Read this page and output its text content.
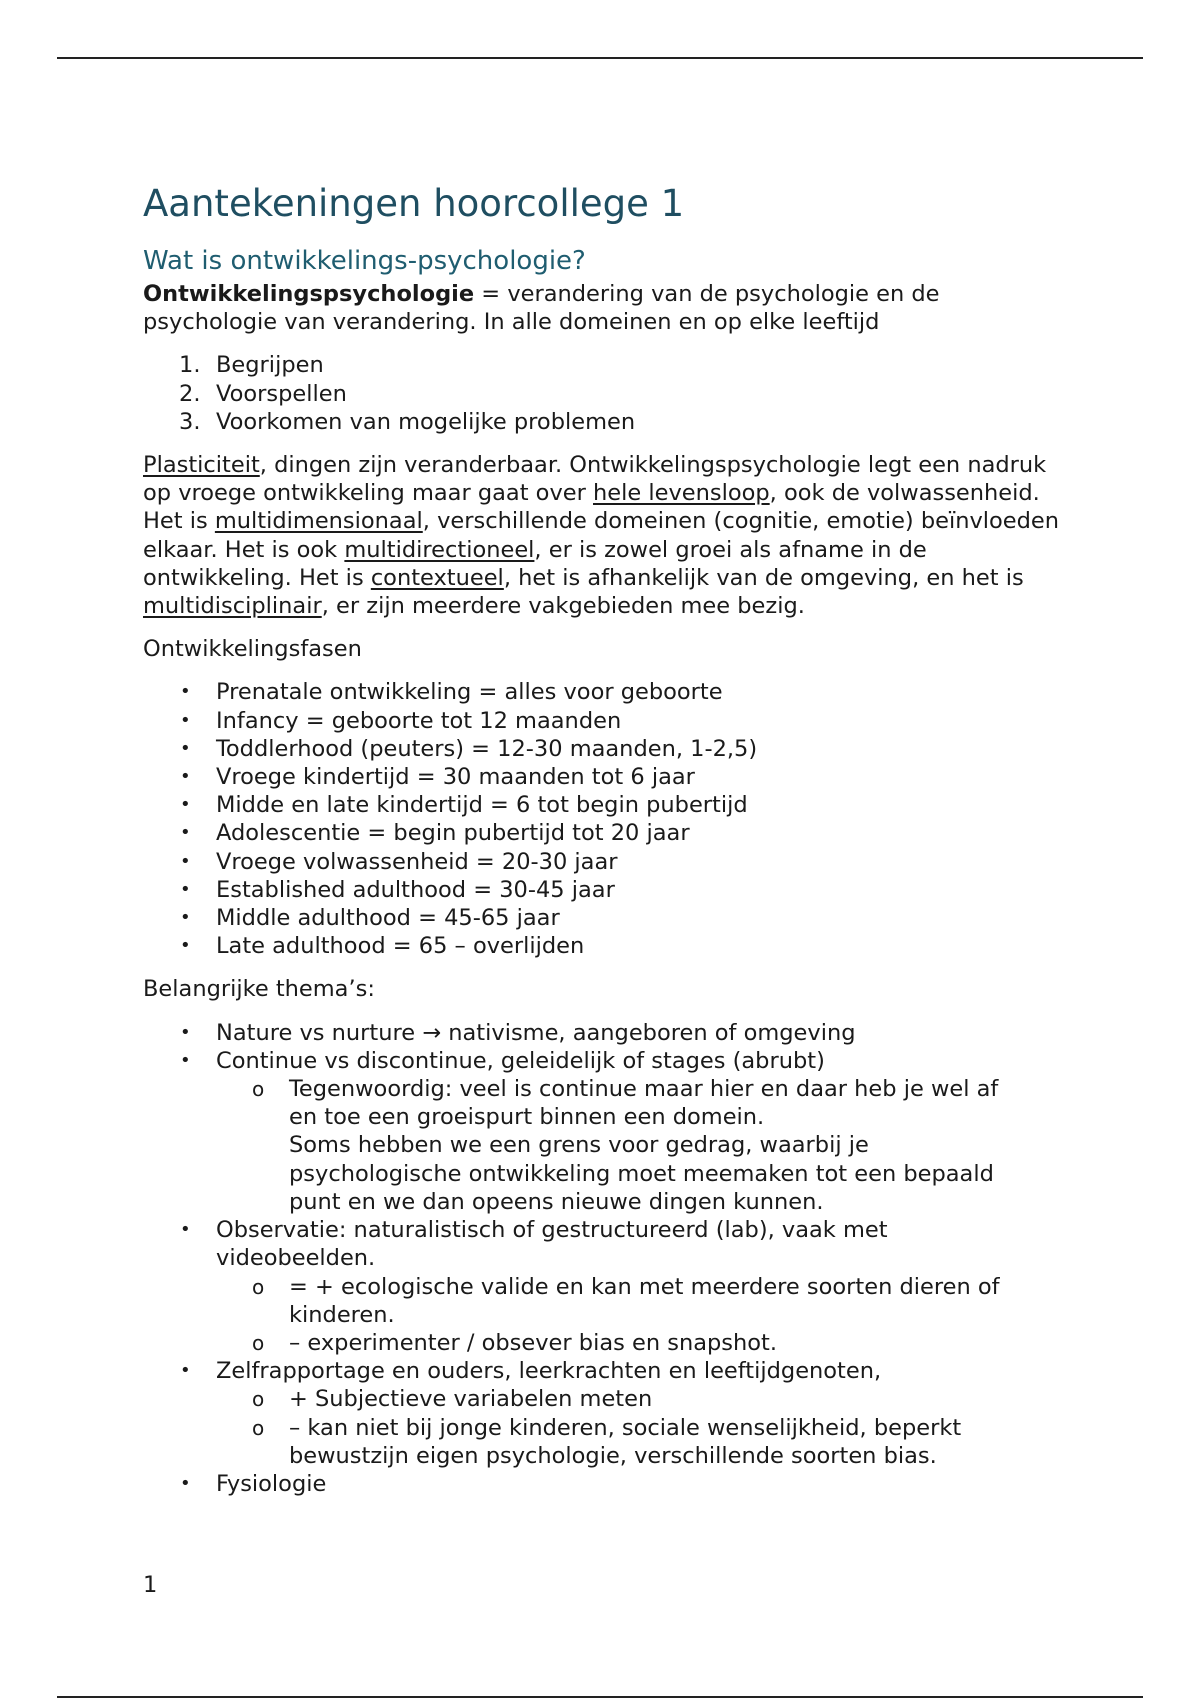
Aantekeningen hoorcollege 1
Wat is ontwikkelings-psychologie?

Ontwikkelingspsychologie = verandering van de psychologie en de
psychologie van verandering. In alle domeinen en op elke leeftijd

1. Begrijpen
2. Voorspellen
3. Voorkomen van mogelijke problemen

Plasticiteit, dingen zijn veranderbaar. Ontwikkelingspsychologie legt een nadruk op vroege ontwikkeling maar gaat over hele levensloop, ook de volwassenheid. Het is multidimensionaal, verschillende domeinen (cognitie, emotie) beïnvloeden elkaar. Het is ook multidirectioneel, er is zowel groei als afname in de ontwikkeling. Het is contextueel, het is afhankelijk van de omgeving, en het is multidisciplinair, er zijn meerdere vakgebieden mee bezig.

Ontwikkelingsfasen

• Prenatale ontwikkeling = alles voor geboorte
• Infancy = geboorte tot 12 maanden
• Toddlerhood (peuters) = 12-30 maanden, 1-2,5)
• Vroege kindertijd = 30 maanden tot 6 jaar
• Midde en late kindertijd = 6 tot begin pubertijd
• Adolescentie = begin pubertijd tot 20 jaar
• Vroege volwassenheid = 20-30 jaar
• Established adulthood = 30-45 jaar
• Middle adulthood = 45-65 jaar
• Late adulthood = 65 – overlijden

Belangrijke thema’s:

• Nature vs nurture → nativisme, aangeboren of omgeving
• Continue vs discontinue, geleidelijk of stages (abrubt)
o Tegenwoordig: veel is continue maar hier en daar heb je wel af
en toe een groeispurt binnen een domein.
Soms hebben we een grens voor gedrag, waarbij je
psychologische ontwikkeling moet meemaken tot een bepaald
punt en we dan opeens nieuwe dingen kunnen.
• Observatie: naturalistisch of gestructureerd (lab), vaak met
videobeelden.
o = + ecologische valide en kan met meerdere soorten dieren of
kinderen.
o – experimenter / obsever bias en snapshot.
• Zelfrapportage en ouders, leerkrachten en leeftijdgenoten,
o + Subjectieve variabelen meten
o – kan niet bij jonge kinderen, sociale wenselijkheid, beperkt
bewustzijn eigen psychologie, verschillende soorten bias.
• Fysiologie
1
